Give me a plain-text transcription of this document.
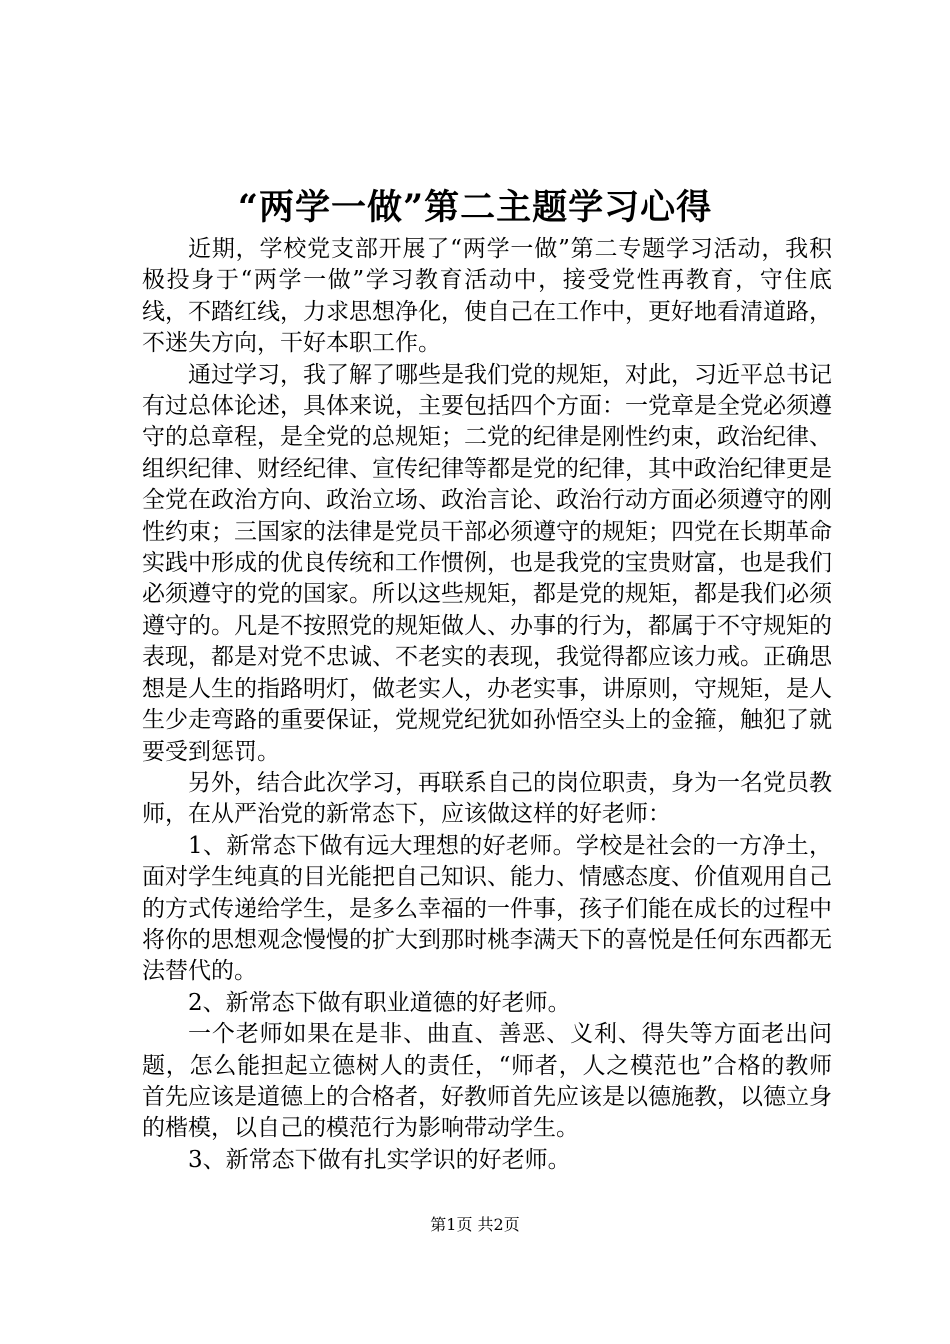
“两学一做”第二主题学习心得

近期，学校党支部开展了“两学一做”第二专题学习活动，我积极投身于“两学一做”学习教育活动中，接受党性再教育，守住底线，不踏红线，力求思想净化，使自己在工作中，更好地看清道路，不迷失方向，干好本职工作。

通过学习，我了解了哪些是我们党的规矩，对此，习近平总书记有过总体论述，具体来说，主要包括四个方面：一党章是全党必须遵守的总章程，是全党的总规矩；二党的纪律是刚性约束，政治纪律、组织纪律、财经纪律、宣传纪律等都是党的纪律，其中政治纪律更是全党在政治方向、政治立场、政治言论、政治行动方面必须遵守的刚性约束；三国家的法律是党员干部必须遵守的规矩；四党在长期革命实践中形成的优良传统和工作惯例，也是我党的宝贵财富，也是我们必须遵守的党的国家。所以这些规矩，都是党的规矩，都是我们必须遵守的。凡是不按照党的规矩做人、办事的行为，都属于不守规矩的表现，都是对党不忠诚、不老实的表现，我觉得都应该力戒。正确思想是人生的指路明灯，做老实人，办老实事，讲原则，守规矩，是人生少走弯路的重要保证，党规党纪犹如孙悟空头上的金箍，触犯了就要受到惩罚。

另外，结合此次学习，再联系自己的岗位职责，身为一名党员教师，在从严治党的新常态下，应该做这样的好老师：

1、新常态下做有远大理想的好老师。学校是社会的一方净土，面对学生纯真的目光能把自己知识、能力、情感态度、价值观用自己的方式传递给学生，是多么幸福的一件事，孩子们能在成长的过程中将你的思想观念慢慢的扩大到那时桃李满天下的喜悦是任何东西都无法替代的。

2、新常态下做有职业道德的好老师。

一个老师如果在是非、曲直、善恶、义利、得失等方面老出问题，怎么能担起立德树人的责任，“师者，人之模范也”合格的教师首先应该是道德上的合格者，好教师首先应该是以德施教，以德立身的楷模，以自己的模范行为影响带动学生。

3、新常态下做有扎实学识的好老师。

第1页 共2页
